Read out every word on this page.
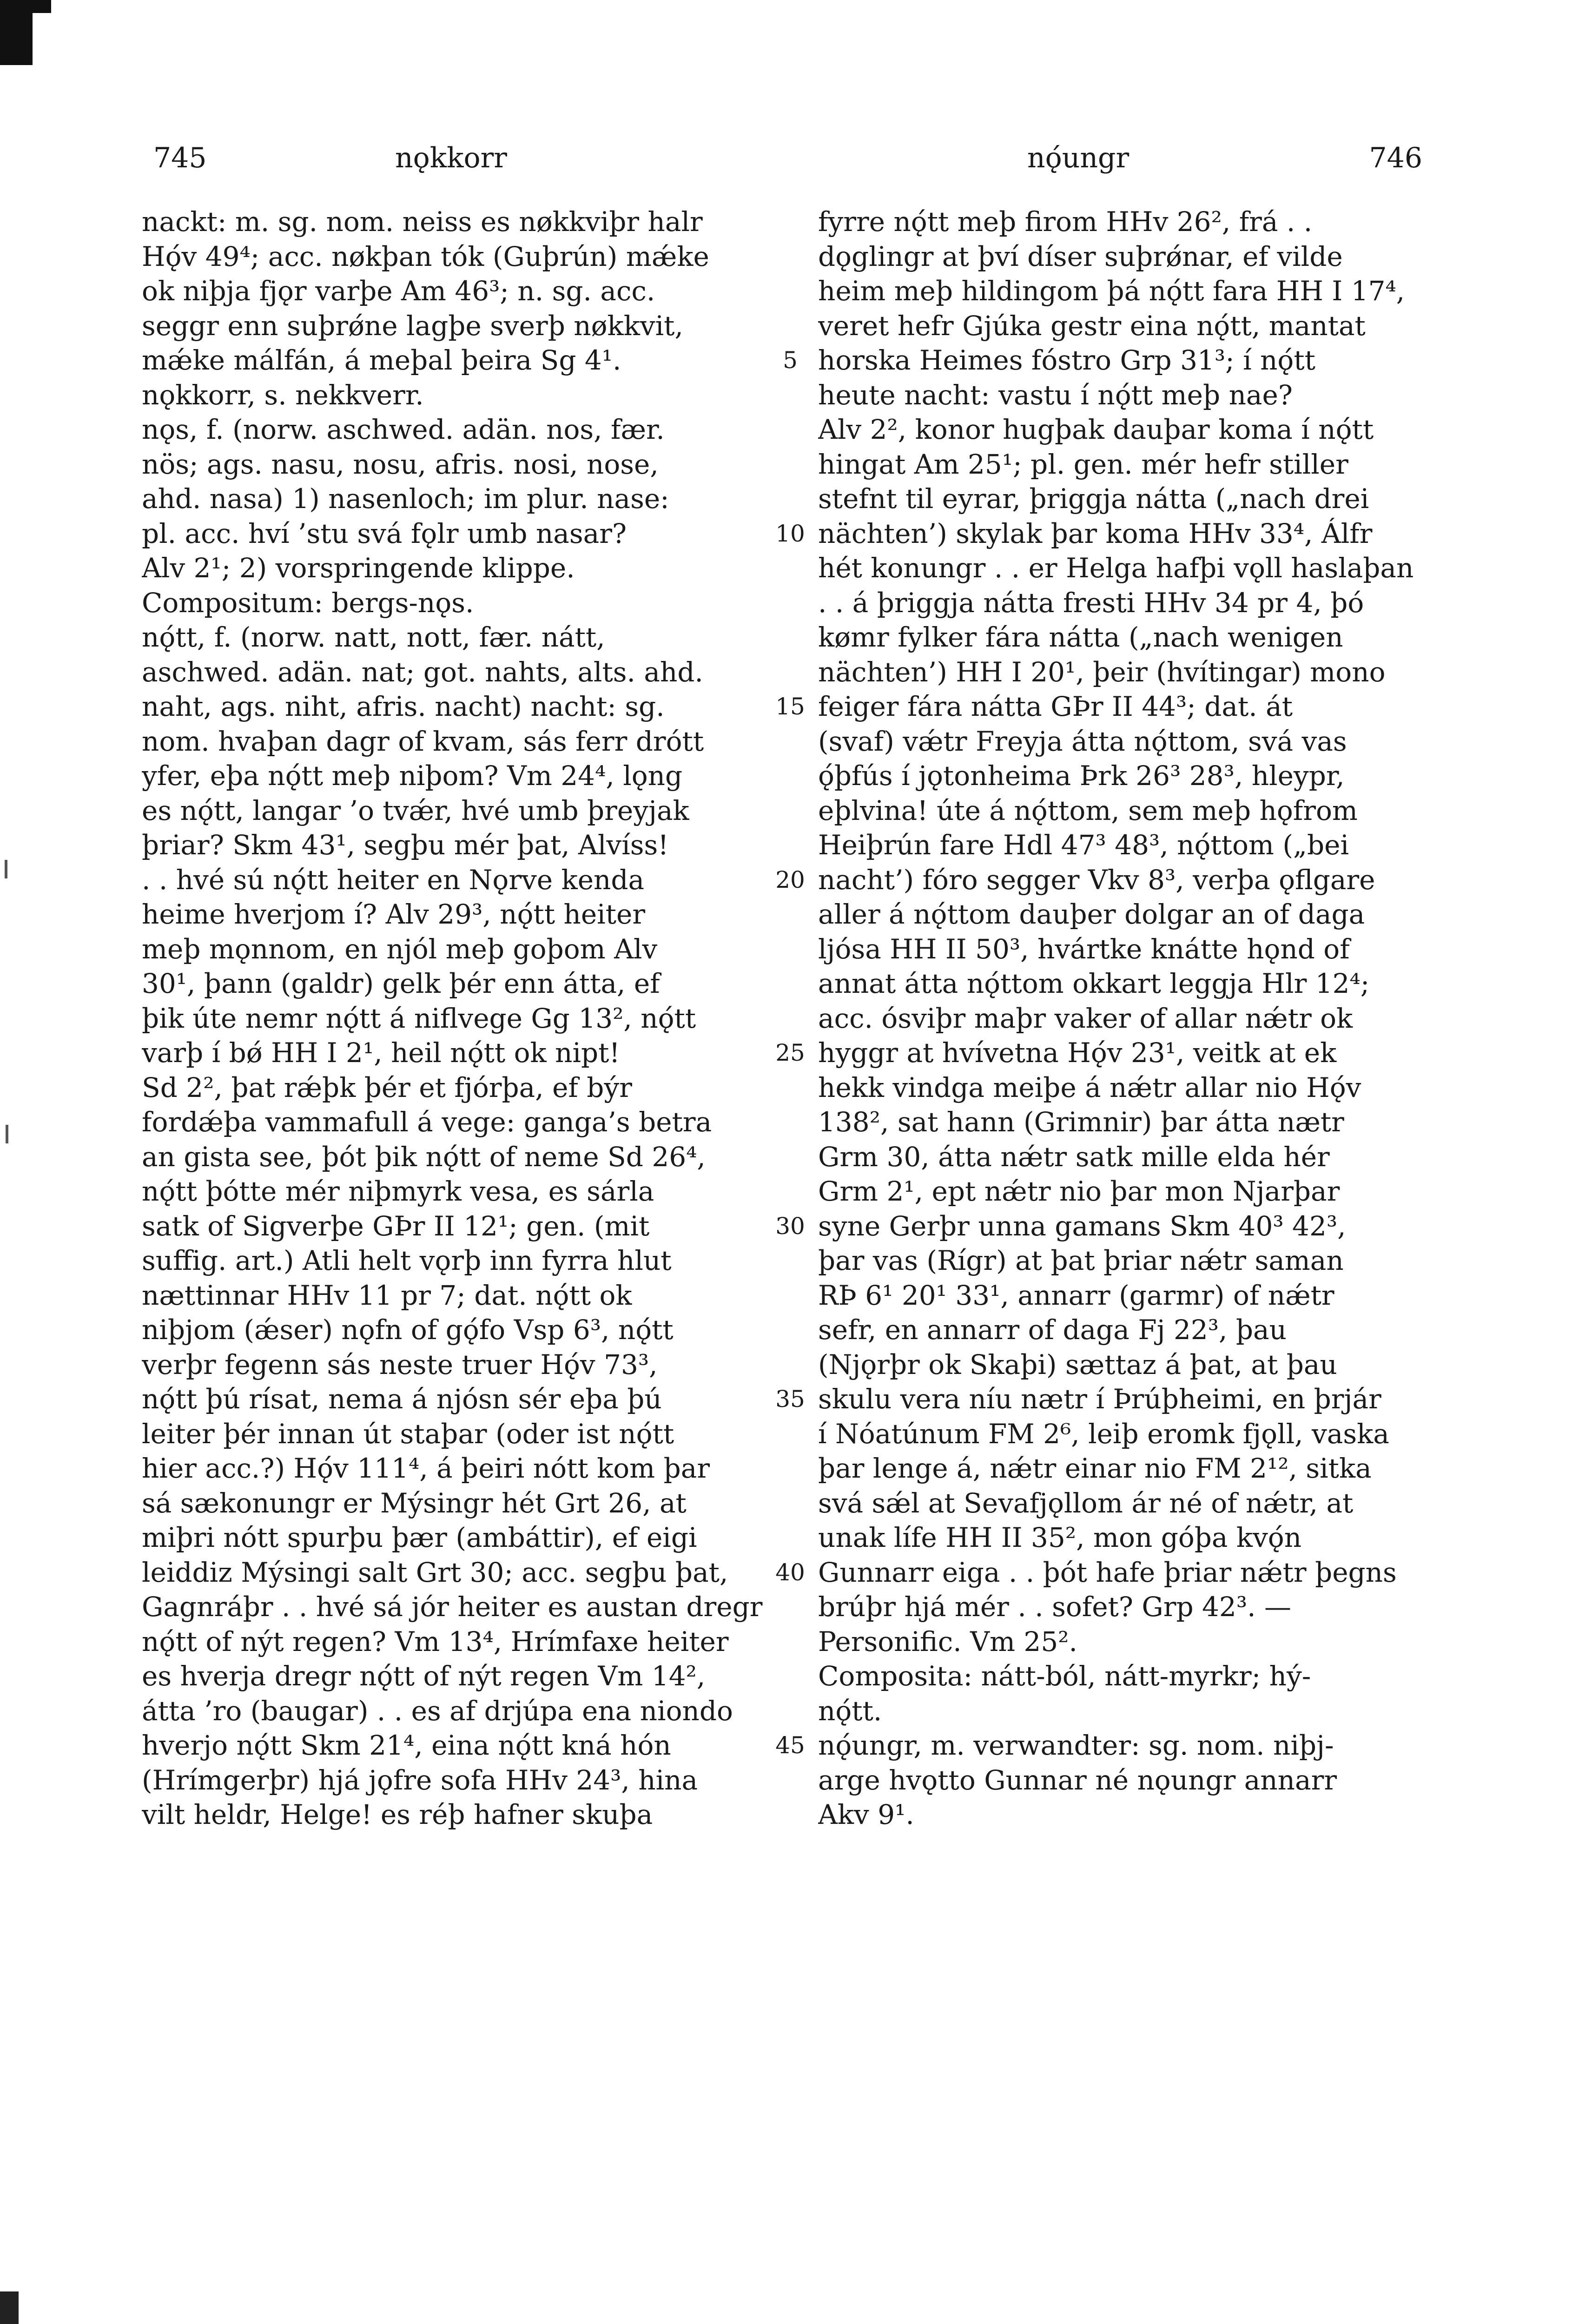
745	nǫkkorr	nǫ́ungr	746
nackt: m. sg. nom. neiss es nøkkviþr halr
Hǫ́v 49⁴; acc. nøkþan tók (Guþrún) mǽke
ok niþja fjǫr varþe Am 46³; n. sg. acc.
seggr enn suþrǿne lagþe sverþ nøkkvit,
mǽke málfán, á meþal þeira Sg 4¹.
nǫkkorr, s. nekkverr.
nǫs, f. (norw. aschwed. adän. nos, fær.
nös; ags. nasu, nosu, afris. nosi, nose,
ahd. nasa) 1) nasenloch; im plur. nase:
pl. acc. hví ’stu svá fǫlr umb nasar?
Alv 2¹; 2) vorspringende klippe.
Compositum: bergs-nǫs.
nǫ́tt, f. (norw. natt, nott, fær. nátt,
aschwed. adän. nat; got. nahts, alts. ahd.
naht, ags. niht, afris. nacht) nacht: sg.
nom. hvaþan dagr of kvam, sás ferr drótt
yfer, eþa nǫ́tt meþ niþom? Vm 24⁴, lǫng
es nǫ́tt, langar ’o tvǽr, hvé umb þreyjak
þriar? Skm 43¹, segþu mér þat, Alvíss!
. . hvé sú nǫ́tt heiter en Nǫrve kenda
heime hverjom í? Alv 29³, nǫ́tt heiter
meþ mǫnnom, en njól meþ goþom Alv
30¹, þann (galdr) gelk þér enn átta, ef
þik úte nemr nǫ́tt á niflvege Gg 13², nǫ́tt
varþ í bǿ HH I 2¹, heil nǫ́tt ok nipt!
Sd 2², þat rǽþk þér et fjórþa, ef býr
fordǽþa vammafull á vege: ganga’s betra
an gista see, þót þik nǫ́tt of neme Sd 26⁴,
nǫ́tt þótte mér niþmyrk vesa, es sárla
satk of Sigverþe GÞr II 12¹; gen. (mit
suffig. art.) Atli helt vǫrþ inn fyrra hlut
nættinnar HHv 11 pr 7; dat. nǫ́tt ok
niþjom (ǽser) nǫfn of gǫ́fo Vsp 6³, nǫ́tt
verþr fegenn sás neste truer Hǫ́v 73³,
nǫ́tt þú rísat, nema á njósn sér eþa þú
leiter þér innan út staþar (oder ist nǫ́tt
hier acc.?) Hǫ́v 111⁴, á þeiri nótt kom þar
sá sækonungr er Mýsingr hét Grt 26, at
miþri nótt spurþu þær (ambáttir), ef eigi
leiddiz Mýsingi salt Grt 30; acc. segþu þat,
Gagnráþr . . hvé sá jór heiter es austan dregr
nǫ́tt of nýt regen? Vm 13⁴, Hrímfaxe heiter
es hverja dregr nǫ́tt of nýt regen Vm 14²,
átta ’ro (baugar) . . es af drjúpa ena niondo
hverjo nǫ́tt Skm 21⁴, eina nǫ́tt kná hón
(Hrímgerþr) hjá jǫfre sofa HHv 24³, hina
vilt heldr, Helge! es réþ hafner skuþa
5
10
15
20
25
30
35
40
45
fyrre nǫ́tt meþ firom HHv 26², frá . .
dǫglingr at því díser suþrǿnar, ef vilde
heim meþ hildingom þá nǫ́tt fara HH I 17⁴,
veret hefr Gjúka gestr eina nǫ́tt, mantat
horska Heimes fóstro Grp 31³; í nǫ́tt
heute nacht: vastu í nǫ́tt meþ nae?
Alv 2², konor hugþak dauþar koma í nǫ́tt
hingat Am 25¹; pl. gen. mér hefr stiller
stefnt til eyrar, þriggja nátta („nach drei
nächten’) skylak þar koma HHv 33⁴, Álfr
hét konungr . . er Helga hafþi vǫll haslaþan
. . á þriggja nátta fresti HHv 34 pr 4, þó
kømr fylker fára nátta („nach wenigen
nächten’) HH I 20¹, þeir (hvítingar) mono
feiger fára nátta GÞr II 44³; dat. át
(svaf) vǽtr Freyja átta nǫ́ttom, svá vas
ǫ́þfús í jǫtonheima Þrk 26³ 28³, hleypr,
eþlvina! úte á nǫ́ttom, sem meþ hǫfrom
Heiþrún fare Hdl 47³ 48³, nǫ́ttom („bei
nacht’) fóro segger Vkv 8³, verþa ǫflgare
aller á nǫ́ttom dauþer dolgar an of daga
ljósa HH II 50³, hvártke knátte hǫnd of
annat átta nǫ́ttom okkart leggja Hlr 12⁴;
acc. ósviþr maþr vaker of allar nǽtr ok
hyggr at hvívetna Hǫ́v 23¹, veitk at ek
hekk vindga meiþe á nǽtr allar nio Hǫ́v
138², sat hann (Grimnir) þar átta nætr
Grm 30, átta nǽtr satk mille elda hér
Grm 2¹, ept nǽtr nio þar mon Njarþar
syne Gerþr unna gamans Skm 40³ 42³,
þar vas (Rígr) at þat þriar nǽtr saman
RÞ 6¹ 20¹ 33¹, annarr (garmr) of nǽtr
sefr, en annarr of daga Fj 22³, þau
(Njǫrþr ok Skaþi) sættaz á þat, at þau
skulu vera níu nætr í Þrúþheimi, en þrjár
í Nóatúnum FM 2⁶, leiþ eromk fjǫll, vaska
þar lenge á, nǽtr einar nio FM 2¹², sitka
svá sǽl at Sevafjǫllom ár né of nǽtr, at
unak lífe HH II 35², mon góþa kvǫ́n
Gunnarr eiga . . þót hafe þriar nǽtr þegns
brúþr hjá mér . . sofet? Grp 42³. —
Personific. Vm 25².
Composita: nátt-ból, nátt-myrkr; hý-
nǫ́tt.
nǫ́ungr, m. verwandter: sg. nom. niþj-
arge hvǫtto Gunnar né nǫungr annarr
Akv 9¹.
